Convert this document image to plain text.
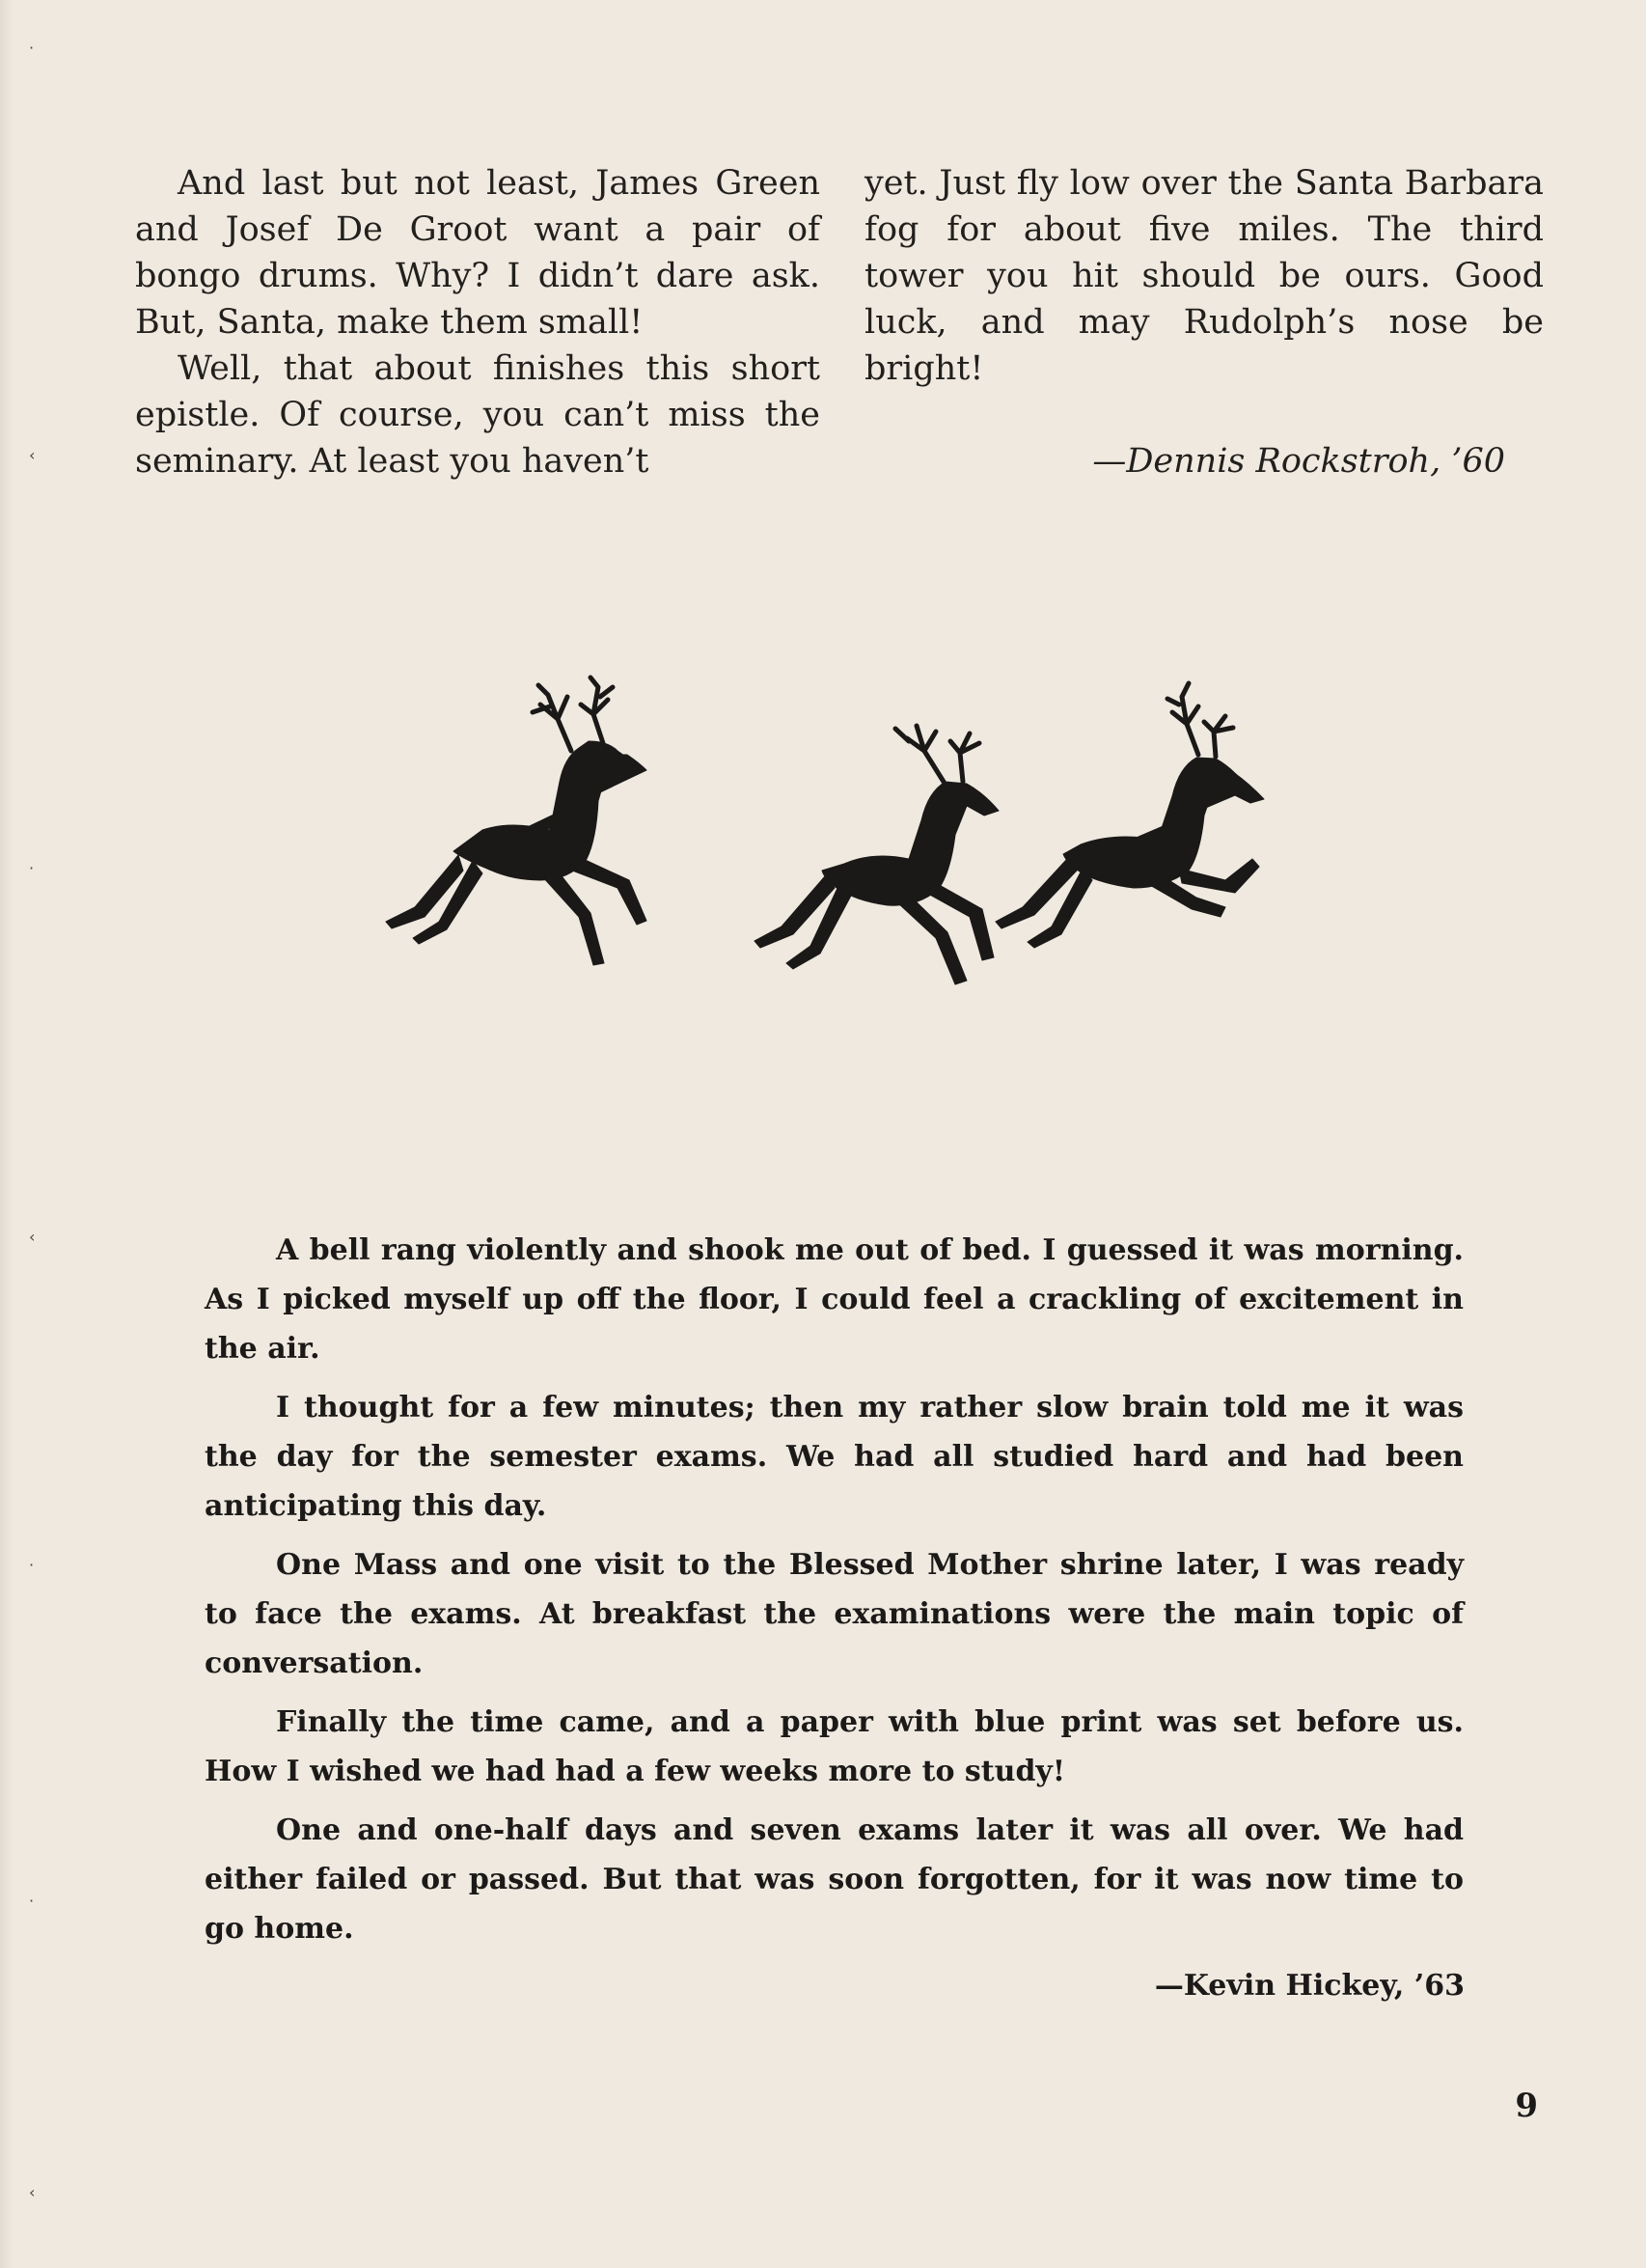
·
‹
·
‹
·
·
‹

And last but not least, James Green and Josef De Groot want a pair of bongo drums. Why? I didn’t dare ask. But, Santa, make them small!

Well, that about finishes this short epistle. Of course, you can’t miss the seminary. At least you haven’t

yet. Just fly low over the Santa Barbara fog for about five miles. The third tower you hit should be ours. Good luck, and may Rudolph’s nose be bright!

—Dennis Rockstroh, ’60

A bell rang violently and shook me out of bed. I guessed it was morning. As I picked myself up off the floor, I could feel a crackling of excitement in the air.

I thought for a few minutes; then my rather slow brain told me it was the day for the semester exams. We had all studied hard and had been anticipating this day.

One Mass and one visit to the Blessed Mother shrine later, I was ready to face the exams. At breakfast the examinations were the main topic of conversation.

Finally the time came, and a paper with blue print was set before us. How I wished we had had a few weeks more to study!

One and one-half days and seven exams later it was all over. We had either failed or passed. But that was soon forgotten, for it was now time to go home.

—Kevin Hickey, ’63
9
